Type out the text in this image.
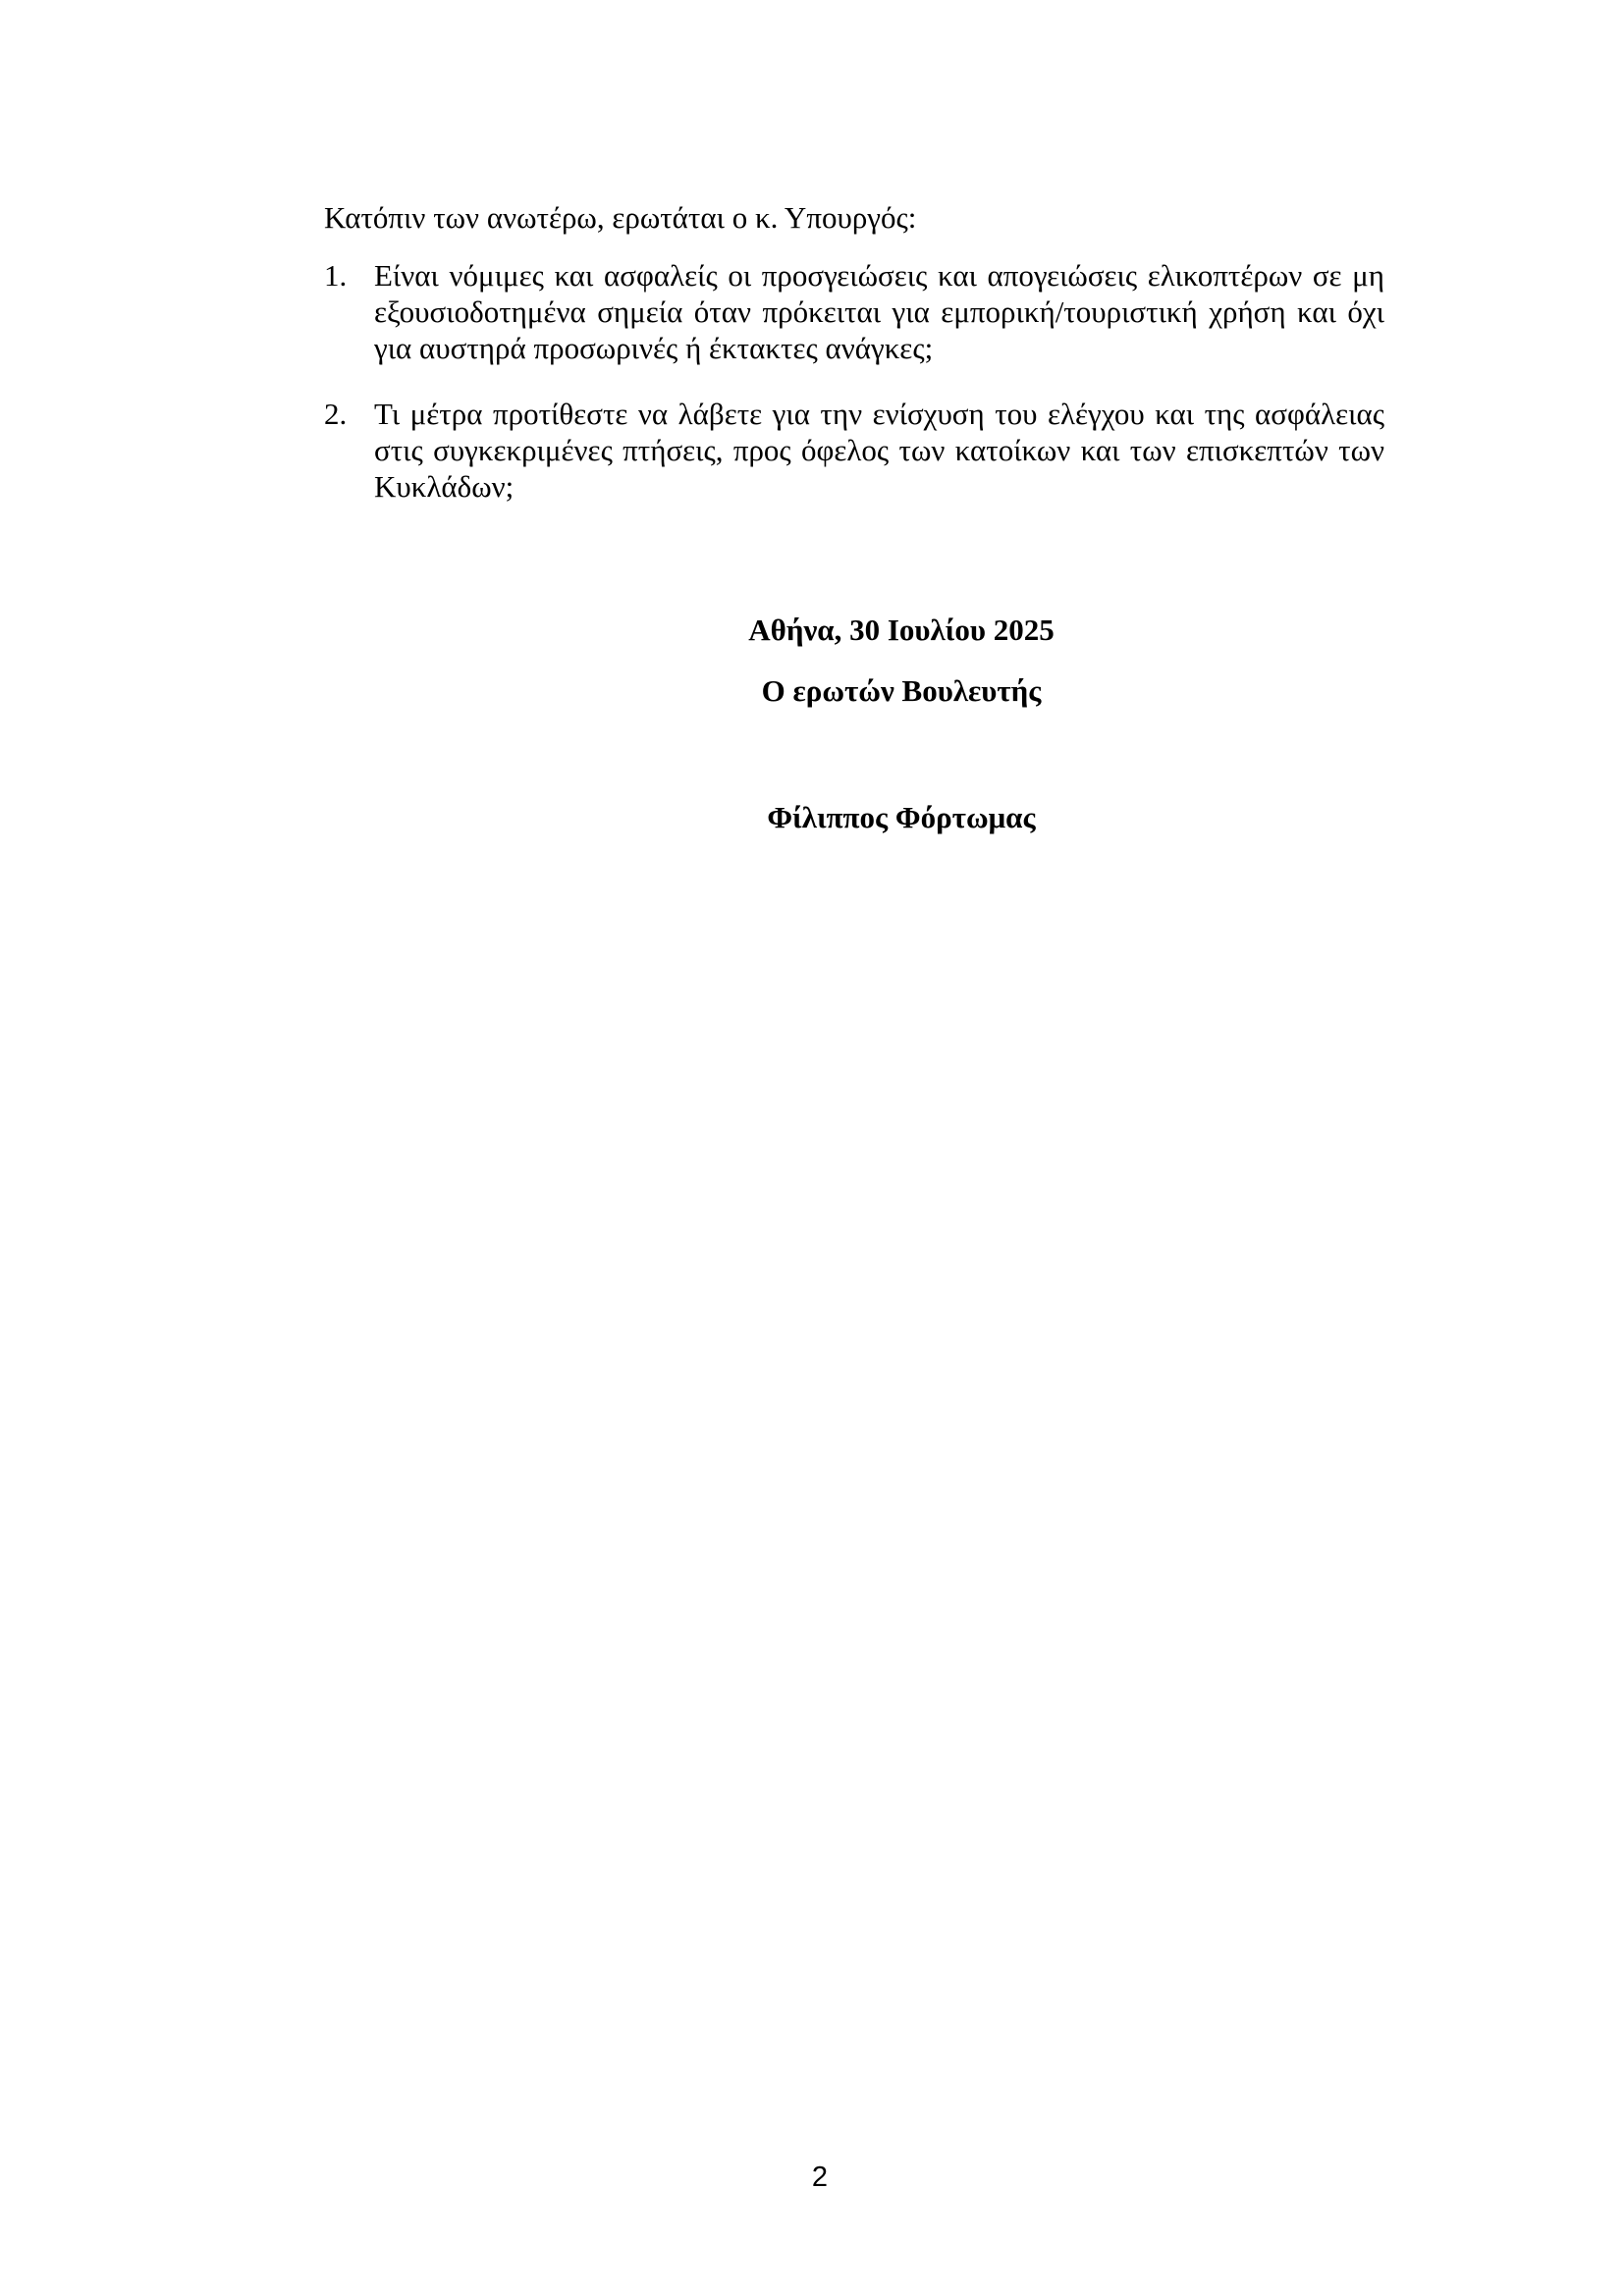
Κατόπιν των ανωτέρω, ερωτάται ο κ. Υπουργός:

1. Είναι νόμιμες και ασφαλείς οι προσγειώσεις και απογειώσεις ελικοπτέρων σε μη εξουσιοδοτημένα σημεία όταν πρόκειται για εμπορική/τουριστική χρήση και όχι για αυστηρά προσωρινές ή έκτακτες ανάγκες;
2. Τι μέτρα προτίθεστε να λάβετε για την ενίσχυση του ελέγχου και της ασφάλειας στις συγκεκριμένες πτήσεις, προς όφελος των κατοίκων και των επισκεπτών των Κυκλάδων;

Αθήνα, 30 Ιουλίου 2025

Ο ερωτών Βουλευτής

Φίλιππος Φόρτωμας

2
